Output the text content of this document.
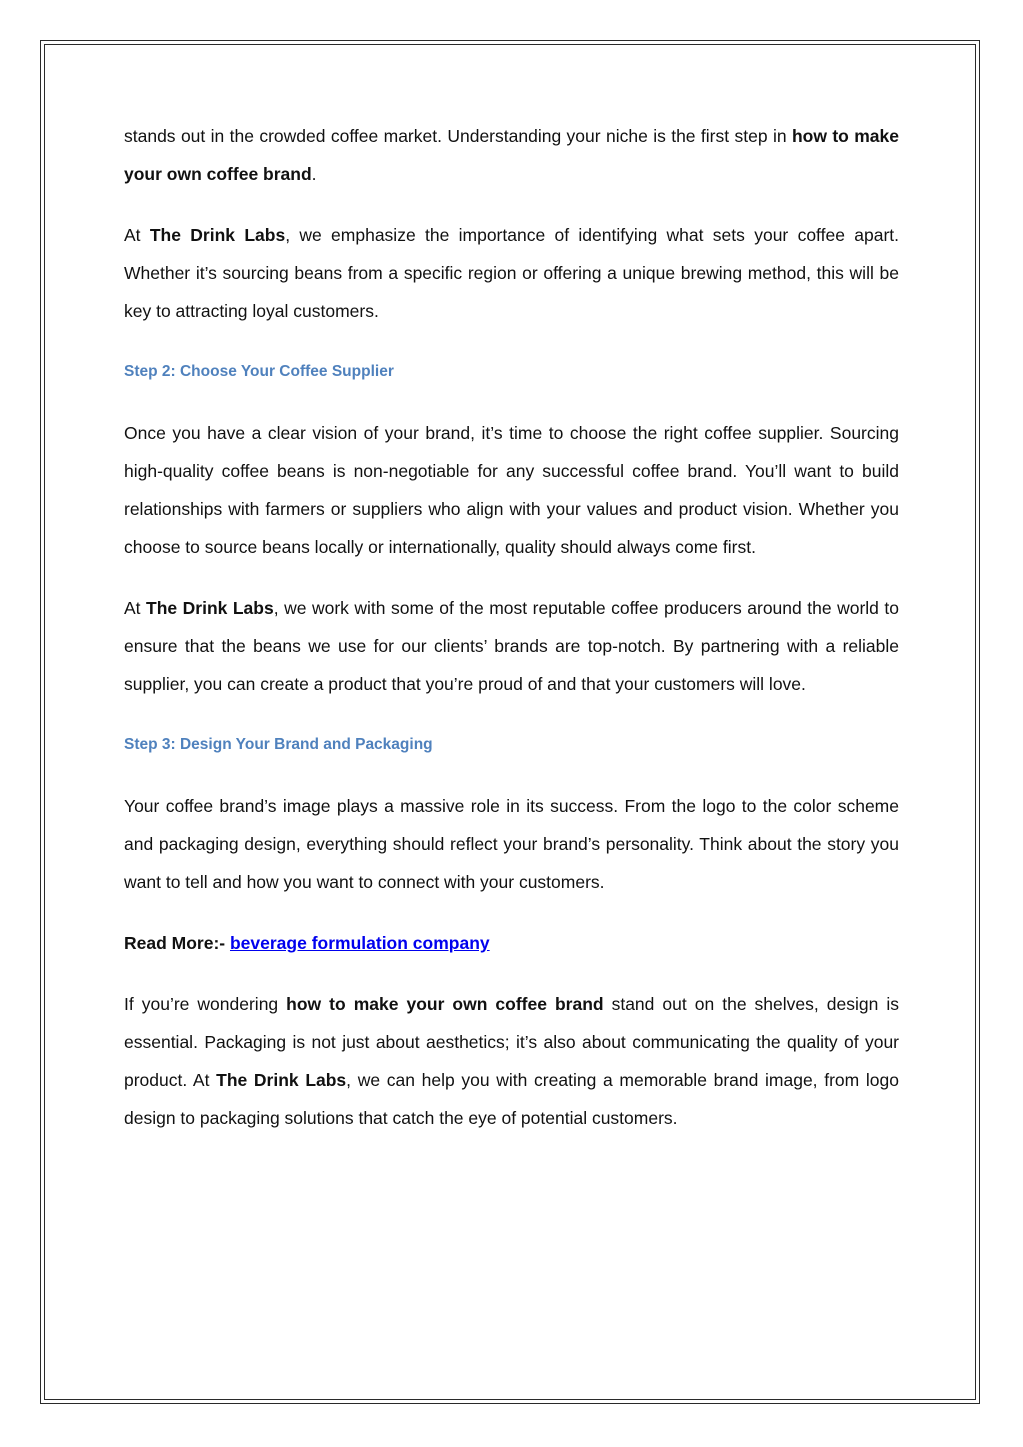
stands out in the crowded coffee market. Understanding your niche is the first step in how to make your own coffee brand.

At The Drink Labs, we emphasize the importance of identifying what sets your coffee apart. Whether it’s sourcing beans from a specific region or offering a unique brewing method, this will be key to attracting loyal customers.

Step 2: Choose Your Coffee Supplier

Once you have a clear vision of your brand, it’s time to choose the right coffee supplier. Sourcing high-quality coffee beans is non-negotiable for any successful coffee brand. You’ll want to build relationships with farmers or suppliers who align with your values and product vision. Whether you choose to source beans locally or internationally, quality should always come first.

At The Drink Labs, we work with some of the most reputable coffee producers around the world to ensure that the beans we use for our clients’ brands are top-notch. By partnering with a reliable supplier, you can create a product that you’re proud of and that your customers will love.

Step 3: Design Your Brand and Packaging

Your coffee brand’s image plays a massive role in its success. From the logo to the color scheme and packaging design, everything should reflect your brand’s personality. Think about the story you want to tell and how you want to connect with your customers.

Read More:- beverage formulation company

If you’re wondering how to make your own coffee brand stand out on the shelves, design is essential. Packaging is not just about aesthetics; it’s also about communicating the quality of your product. At The Drink Labs, we can help you with creating a memorable brand image, from logo design to packaging solutions that catch the eye of potential customers.
